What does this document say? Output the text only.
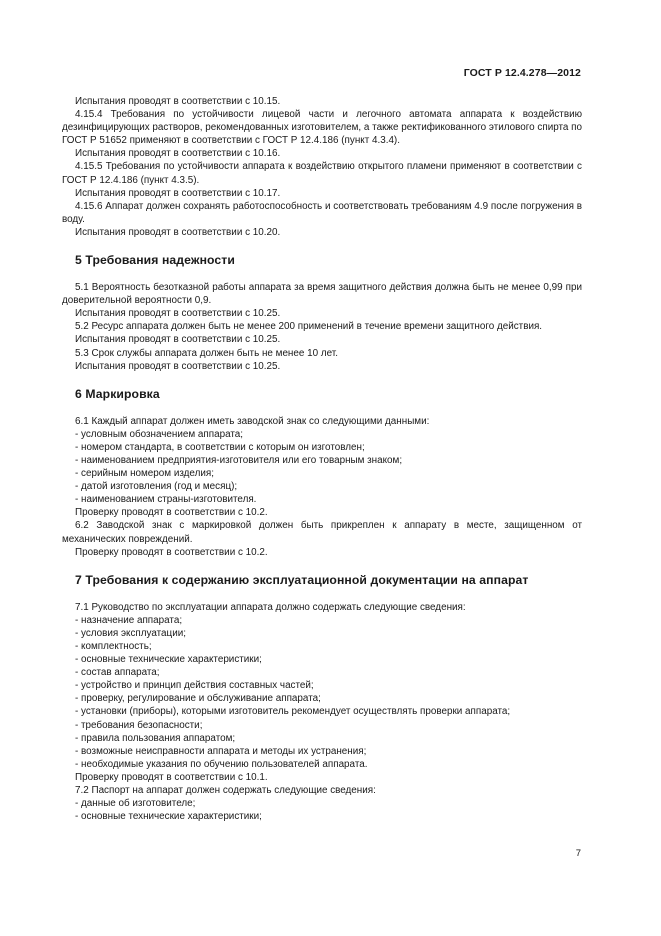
ГОСТ Р 12.4.278—2012

Испытания проводят в соответствии с 10.15.

4.15.4 Требования по устойчивости лицевой части и легочного автомата аппарата к воздействию дезинфицирующих растворов, рекомендованных изготовителем, а также ректификованного этилового спирта по ГОСТ Р 51652 применяют в соответствии с ГОСТ Р 12.4.186 (пункт 4.3.4).

Испытания проводят в соответствии с 10.16.

4.15.5 Требования по устойчивости аппарата к воздействию открытого пламени применяют в соответствии с ГОСТ Р 12.4.186 (пункт 4.3.5).

Испытания проводят в соответствии с 10.17.

4.15.6 Аппарат должен сохранять работоспособность и соответствовать требованиям 4.9 после погружения в воду.

Испытания проводят в соответствии с 10.20.

5 Требования надежности

5.1 Вероятность безотказной работы аппарата за время защитного действия должна быть не менее 0,99 при доверительной вероятности 0,9.

Испытания проводят в соответствии с 10.25.

5.2 Ресурс аппарата должен быть не менее 200 применений в течение времени защитного действия.

Испытания проводят в соответствии с 10.25.

5.3 Срок службы аппарата должен быть не менее 10 лет.

Испытания проводят в соответствии с 10.25.

6 Маркировка

6.1 Каждый аппарат должен иметь заводской знак со следующими данными:

- условным обозначением аппарата;

- номером стандарта, в соответствии с которым он изготовлен;

- наименованием предприятия-изготовителя или его товарным знаком;

- серийным номером изделия;

- датой изготовления (год и месяц);

- наименованием страны-изготовителя.

Проверку проводят в соответствии с 10.2.

6.2 Заводской знак с маркировкой должен быть прикреплен к аппарату в месте, защищенном от механических повреждений.

Проверку проводят в соответствии с 10.2.

7 Требования к содержанию эксплуатационной документации на аппарат

7.1 Руководство по эксплуатации аппарата должно содержать следующие сведения:

- назначение аппарата;

- условия эксплуатации;

- комплектность;

- основные технические характеристики;

- состав аппарата;

- устройство и принцип действия составных частей;

- проверку, регулирование и обслуживание аппарата;

- установки (приборы), которыми изготовитель рекомендует осуществлять проверки аппарата;

- требования безопасности;

- правила пользования аппаратом;

- возможные неисправности аппарата и методы их устранения;

- необходимые указания по обучению пользователей аппарата.

Проверку проводят в соответствии с 10.1.

7.2 Паспорт на аппарат должен содержать следующие сведения:

- данные об изготовителе;

- основные технические характеристики;

7
